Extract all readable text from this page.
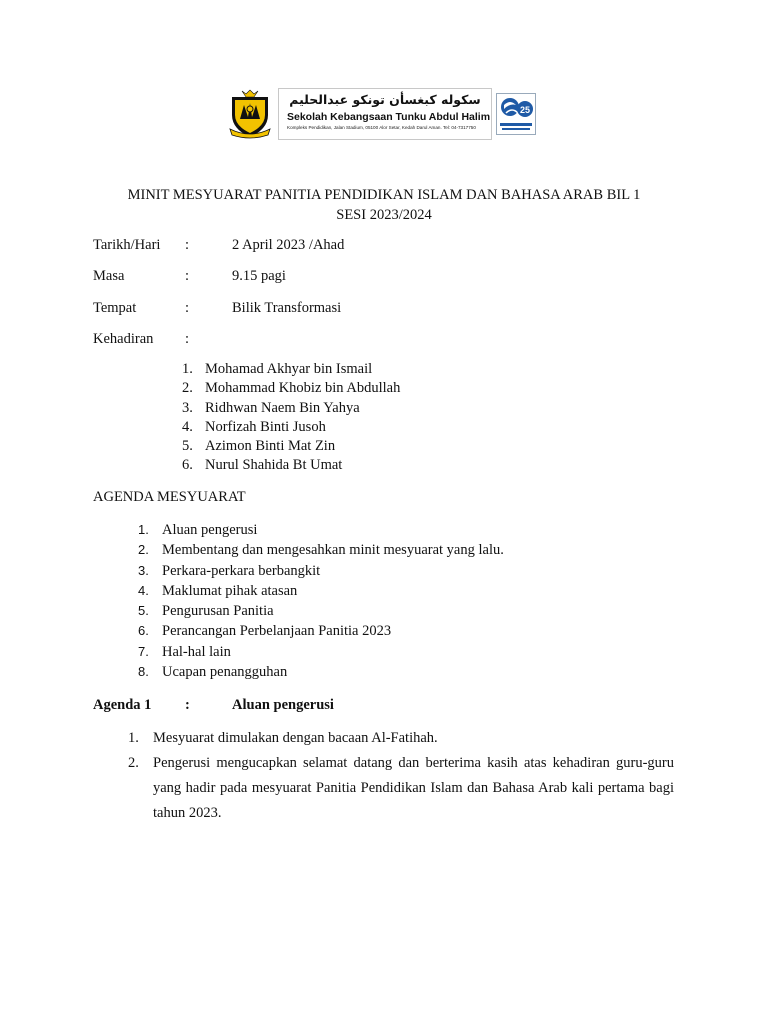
سكوله كبغسأن تونكو عبدالحليم
Sekolah Kebangsaan Tunku Abdul Halim
Kompleks Pendidikan, Jalan Stadium, 05100 Alor Setar, Kedah Darul Aman. Tel: 04-7317750
25
MINIT MESYUARAT PANITIA PENDIDIKAN ISLAM DAN BAHASA ARAB BIL 1
SESI 2023/2024
Tarikh/Hari :	2 April 2023 /Ahad
Masa	:	9.15 pagi
Tempat	:	Bilik Transformasi
Kehadiran :
1. Mohamad Akhyar bin Ismail
2. Mohammad Khobiz bin Abdullah
3. Ridhwan Naem Bin Yahya
4. Norfizah Binti Jusoh
5. Azimon Binti Mat Zin
6. Nurul Shahida Bt Umat
AGENDA MESYUARAT
1. Aluan pengerusi
2. Membentang dan mengesahkan minit mesyuarat yang lalu.
3. Perkara-perkara berbangkit
4. Maklumat pihak atasan
5. Pengurusan Panitia
6. Perancangan Perbelanjaan Panitia 2023
7. Hal-hal lain
8. Ucapan penangguhan
Agenda 1 :	Aluan pengerusi
1. Mesyuarat dimulakan dengan bacaan Al-Fatihah.
2. Pengerusi mengucapkan selamat datang dan berterima kasih atas kehadiran guru-guru yang hadir pada mesyuarat Panitia Pendidikan Islam dan Bahasa Arab kali pertama bagi tahun 2023.
